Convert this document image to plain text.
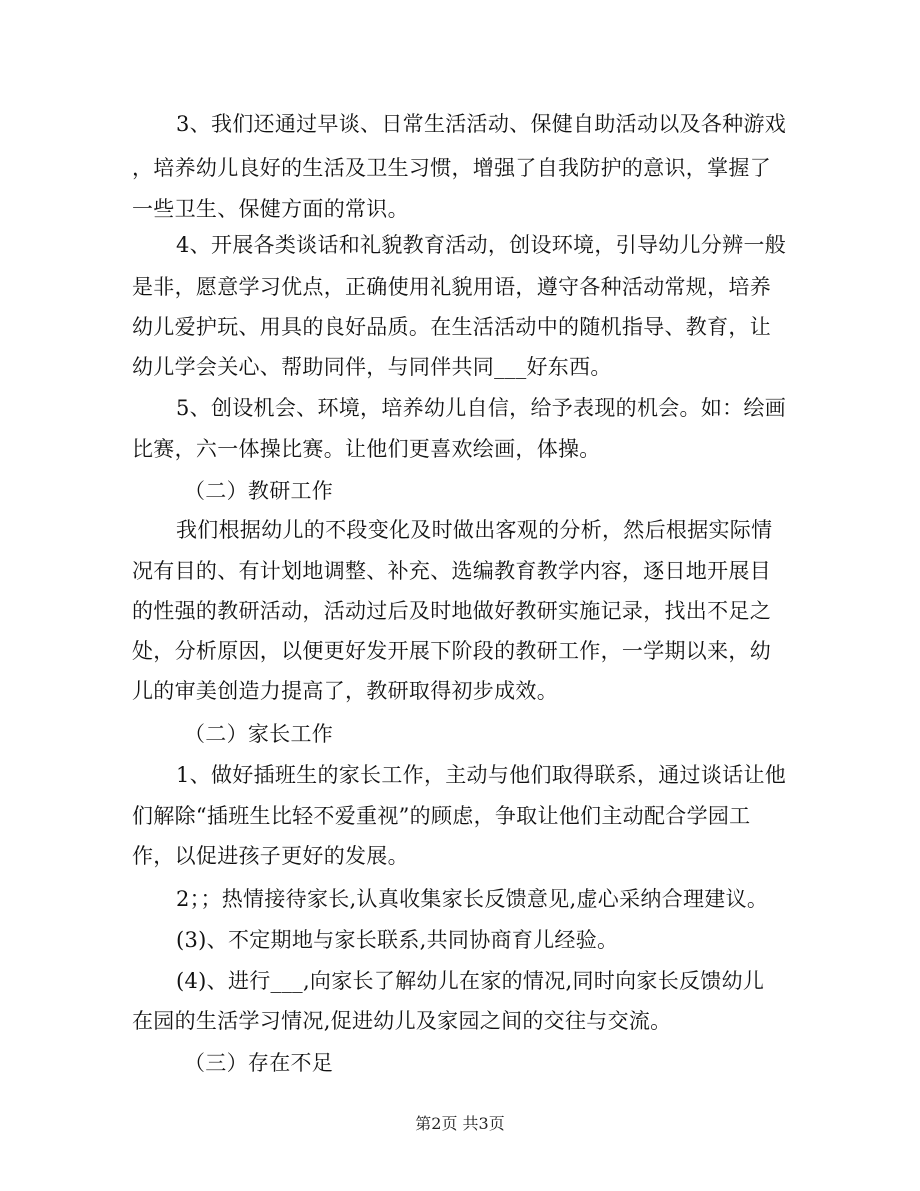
3、我们还通过早谈、日常生活活动、保健自助活动以及各种游戏
，培养幼儿良好的生活及卫生习惯，增强了自我防护的意识，掌握了
一些卫生、保健方面的常识。
4、开展各类谈话和礼貌教育活动，创设环境，引导幼儿分辨一般
是非，愿意学习优点，正确使用礼貌用语，遵守各种活动常规，培养
幼儿爱护玩、用具的良好品质。在生活活动中的随机指导、教育，让
幼儿学会关心、帮助同伴，与同伴共同___好东西。
5、创设机会、环境，培养幼儿自信，给予表现的机会。如：绘画
比赛，六一体操比赛。让他们更喜欢绘画，体操。
（二）教研工作
我们根据幼儿的不段变化及时做出客观的分析，然后根据实际情
况有目的、有计划地调整、补充、选编教育教学内容，逐日地开展目
的性强的教研活动，活动过后及时地做好教研实施记录，找出不足之
处，分析原因，以便更好发开展下阶段的教研工作，一学期以来，幼
儿的审美创造力提高了，教研取得初步成效。
（二）家长工作
1、做好插班生的家长工作，主动与他们取得联系，通过谈话让他
们解除“插班生比轻不爱重视”的顾虑，争取让他们主动配合学园工
作，以促进孩子更好的发展。
2；；热情接待家长,认真收集家长反馈意见,虚心采纳合理建议。
(3)、不定期地与家长联系,共同协商育儿经验。
(4)、进行___,向家长了解幼儿在家的情况,同时向家长反馈幼儿
在园的生活学习情况,促进幼儿及家园之间的交往与交流。
（三）存在不足
第2页 共3页
